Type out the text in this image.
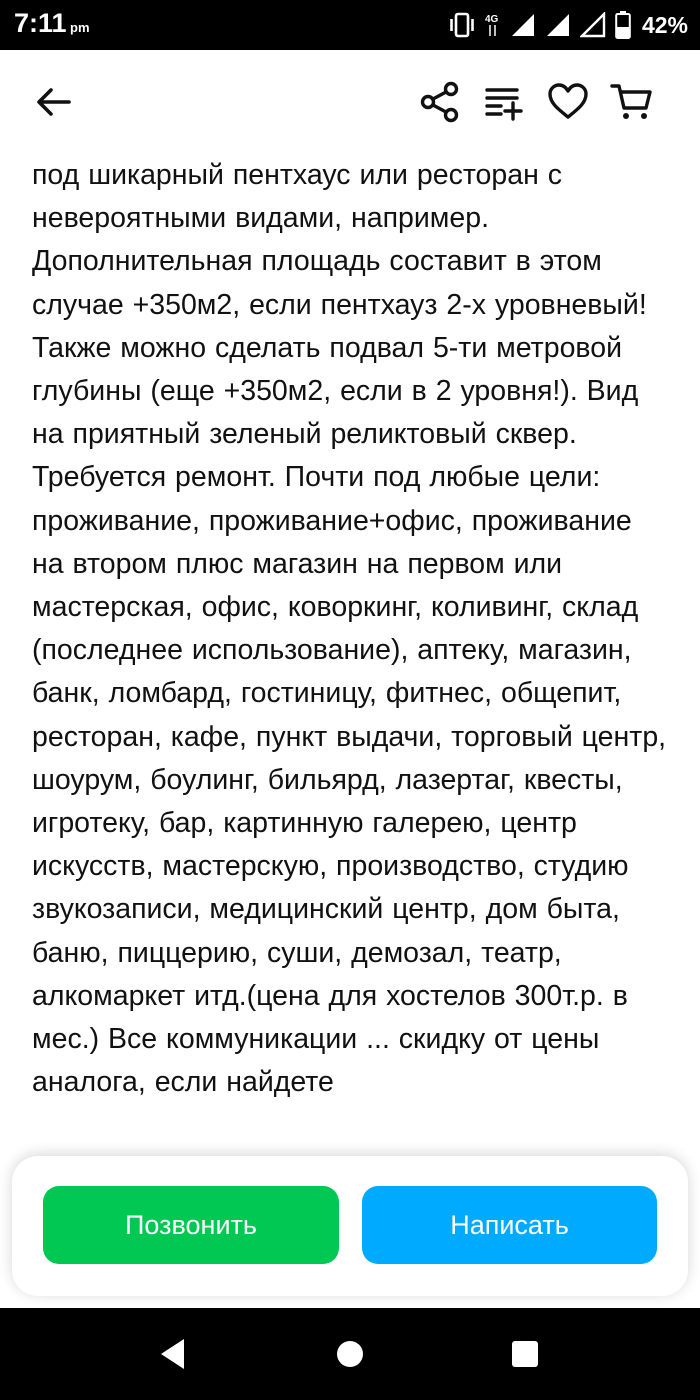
7:11 pm
4G	42%

под шикарный пентхаус или ресторан с невероятными видами, например. Дополнительная площадь составит в этом случае +350м2, если пентхауз 2-х уровневый! Также можно сделать подвал 5-ти метровой глубины (еще +350м2, если в 2 уровня!). Вид на приятный зеленый реликтовый сквер. Требуется ремонт. Почти под любые цели: проживание, проживание+офис, проживание на втором плюс магазин на первом или мастерская, офис, коворкинг, коливинг, склад (последнее использование), аптеку, магазин, банк, ломбард, гостиницу, фитнес, общепит, ресторан, кафе, пункт выдачи, торговый центр, шоурум, боулинг, бильярд, лазертаг, квесты, игротеку, бар, картинную галерею, центр искусств, мастерскую, производство, студию звукозаписи, медицинский центр, дом быта, баню, пиццерию, суши, демозал, театр, алкомаркет итд.(цена для хостелов 300т.р. в мес.) Все коммуникации ... скидку от цены аналога, если найдете

Позвонить	Написать
